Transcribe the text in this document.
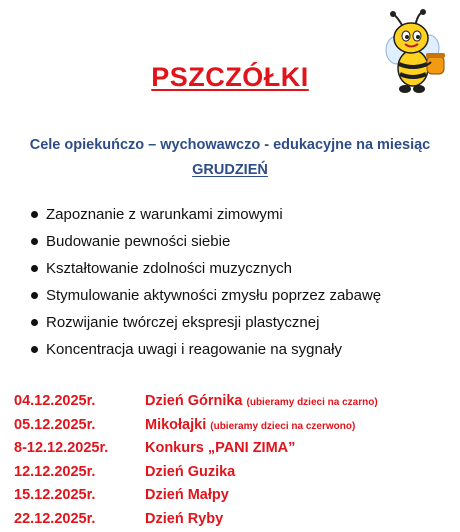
PSZCZÓŁKI
Cele opiekuńczo – wychowawczo - edukacyjne na miesiąc
GRUDZIEŃ
Zapoznanie z warunkami zimowymi
Budowanie pewności siebie
Kształtowanie zdolności muzycznych
Stymulowanie aktywności zmysłu poprzez zabawę
Rozwijanie twórczej ekspresji plastycznej
Koncentracja uwagi i reagowanie na sygnały
04.12.2025r.	Dzień Górnika (ubieramy dzieci na czarno)
05.12.2025r.	Mikołajki (ubieramy dzieci na czerwono)
8-12.12.2025r.	Konkurs „PANI ZIMA”
12.12.2025r.	Dzień Guzika
15.12.2025r.	Dzień Małpy
22.12.2025r.	Dzień Ryby
